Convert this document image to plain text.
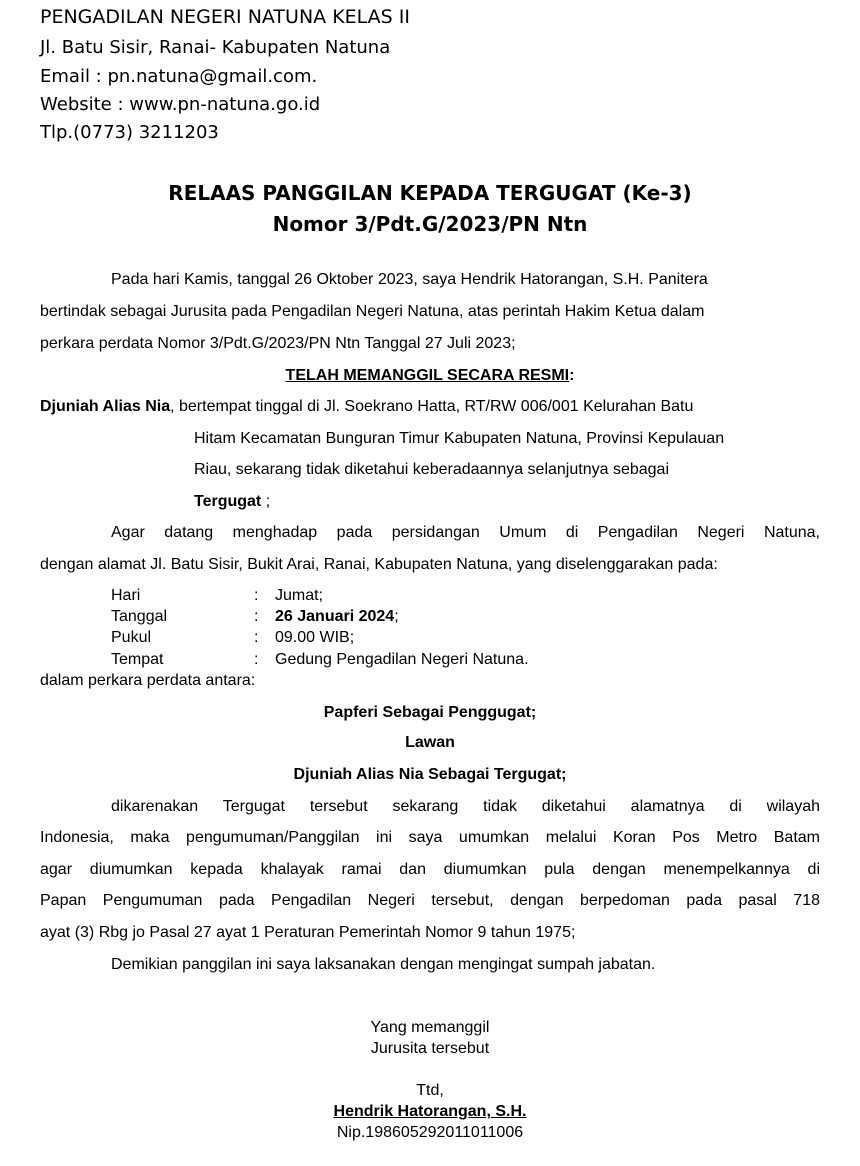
PENGADILAN NEGERI NATUNA KELAS II
Jl. Batu Sisir, Ranai- Kabupaten Natuna
Email : pn.natuna@gmail.com.
Website : www.pn-natuna.go.id
Tlp.(0773) 3211203
RELAAS PANGGILAN KEPADA TERGUGAT (Ke-3)
Nomor 3/Pdt.G/2023/PN Ntn
Pada hari Kamis, tanggal 26 Oktober 2023, saya Hendrik Hatorangan, S.H. Panitera
bertindak sebagai Jurusita pada Pengadilan Negeri Natuna, atas perintah Hakim Ketua dalam
perkara perdata Nomor 3/Pdt.G/2023/PN Ntn Tanggal 27 Juli 2023;
TELAH MEMANGGIL SECARA RESMI:
Djuniah Alias Nia, bertempat tinggal di Jl. Soekrano Hatta, RT/RW 006/001 Kelurahan Batu
Hitam Kecamatan Bunguran Timur Kabupaten Natuna, Provinsi Kepulauan
Riau, sekarang tidak diketahui keberadaannya selanjutnya sebagai
Tergugat ;
Agar datang menghadap pada persidangan Umum di Pengadilan Negeri Natuna,
dengan alamat Jl. Batu Sisir, Bukit Arai, Ranai, Kabupaten Natuna, yang diselenggarakan pada:
Hari	: Jumat;
Tanggal	: 26 Januari 2024;
Pukul	: 09.00 WIB;
Tempat	: Gedung Pengadilan Negeri Natuna.
dalam perkara perdata antara:
Papferi Sebagai Penggugat;
Lawan
Djuniah Alias Nia Sebagai Tergugat;
dikarenakan Tergugat tersebut sekarang tidak diketahui alamatnya di wilayah
Indonesia, maka pengumuman/Panggilan ini saya umumkan melalui Koran Pos Metro Batam
agar diumumkan kepada khalayak ramai dan diumumkan pula dengan menempelkannya di
Papan Pengumuman pada Pengadilan Negeri tersebut, dengan berpedoman pada pasal 718
ayat (3) Rbg jo Pasal 27 ayat 1 Peraturan Pemerintah Nomor 9 tahun 1975;
Demikian panggilan ini saya laksanakan dengan mengingat sumpah jabatan.
Yang memanggil
Jurusita tersebut
Ttd,
Hendrik Hatorangan, S.H.
Nip.198605292011011006
